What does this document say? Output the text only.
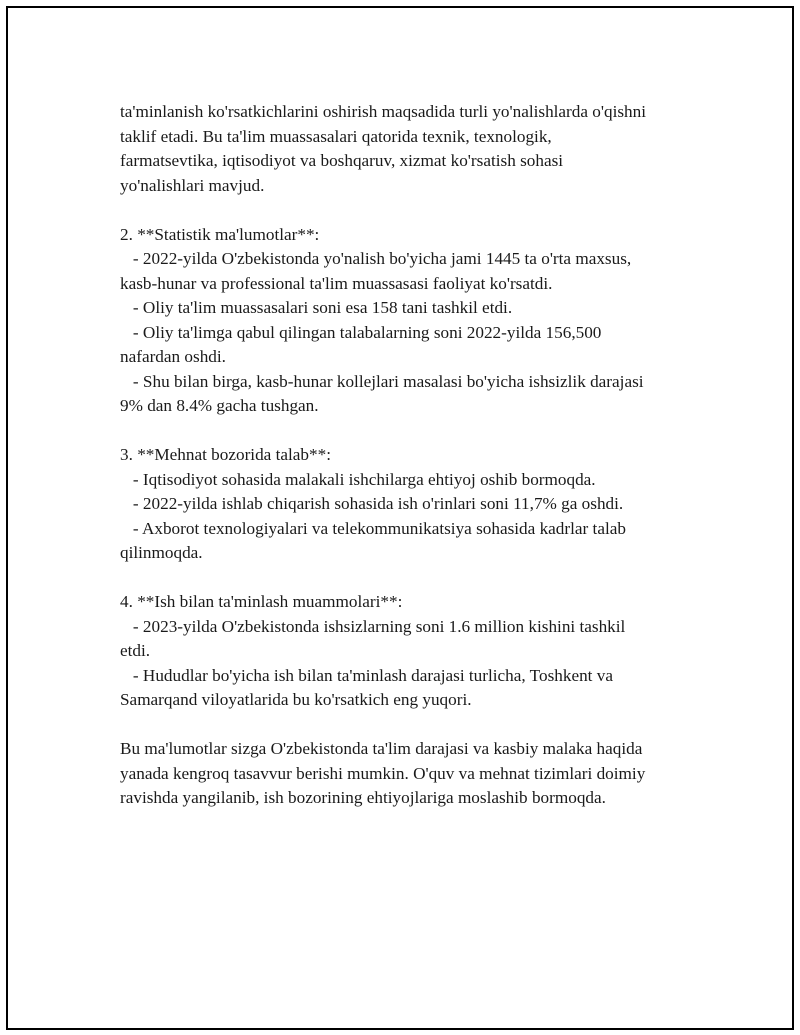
ta'minlanish ko'rsatkichlarini oshirish maqsadida turli yo'nalishlarda o'qishni
taklif etadi. Bu ta'lim muassasalari qatorida texnik, texnologik,
farmatsevtika, iqtisodiyot va boshqaruv, xizmat ko'rsatish sohasi
yo'nalishlari mavjud.

2. **Statistik ma'lumotlar**:
- 2022-yilda O'zbekistonda yo'nalish bo'yicha jami 1445 ta o'rta maxsus,
kasb-hunar va professional ta'lim muassasasi faoliyat ko'rsatdi.
- Oliy ta'lim muassasalari soni esa 158 tani tashkil etdi.
- Oliy ta'limga qabul qilingan talabalarning soni 2022-yilda 156,500
nafardan oshdi.
- Shu bilan birga, kasb-hunar kollejlari masalasi bo'yicha ishsizlik darajasi
9% dan 8.4% gacha tushgan.

3. **Mehnat bozorida talab**:
- Iqtisodiyot sohasida malakali ishchilarga ehtiyoj oshib bormoqda.
- 2022-yilda ishlab chiqarish sohasida ish o'rinlari soni 11,7% ga oshdi.
- Axborot texnologiyalari va telekommunikatsiya sohasida kadrlar talab
qilinmoqda.

4. **Ish bilan ta'minlash muammolari**:
- 2023-yilda O'zbekistonda ishsizlarning soni 1.6 million kishini tashkil
etdi.
- Hududlar bo'yicha ish bilan ta'minlash darajasi turlicha, Toshkent va
Samarqand viloyatlarida bu ko'rsatkich eng yuqori.

Bu ma'lumotlar sizga O'zbekistonda ta'lim darajasi va kasbiy malaka haqida
yanada kengroq tasavvur berishi mumkin. O'quv va mehnat tizimlari doimiy
ravishda yangilanib, ish bozorining ehtiyojlariga moslashib bormoqda.
